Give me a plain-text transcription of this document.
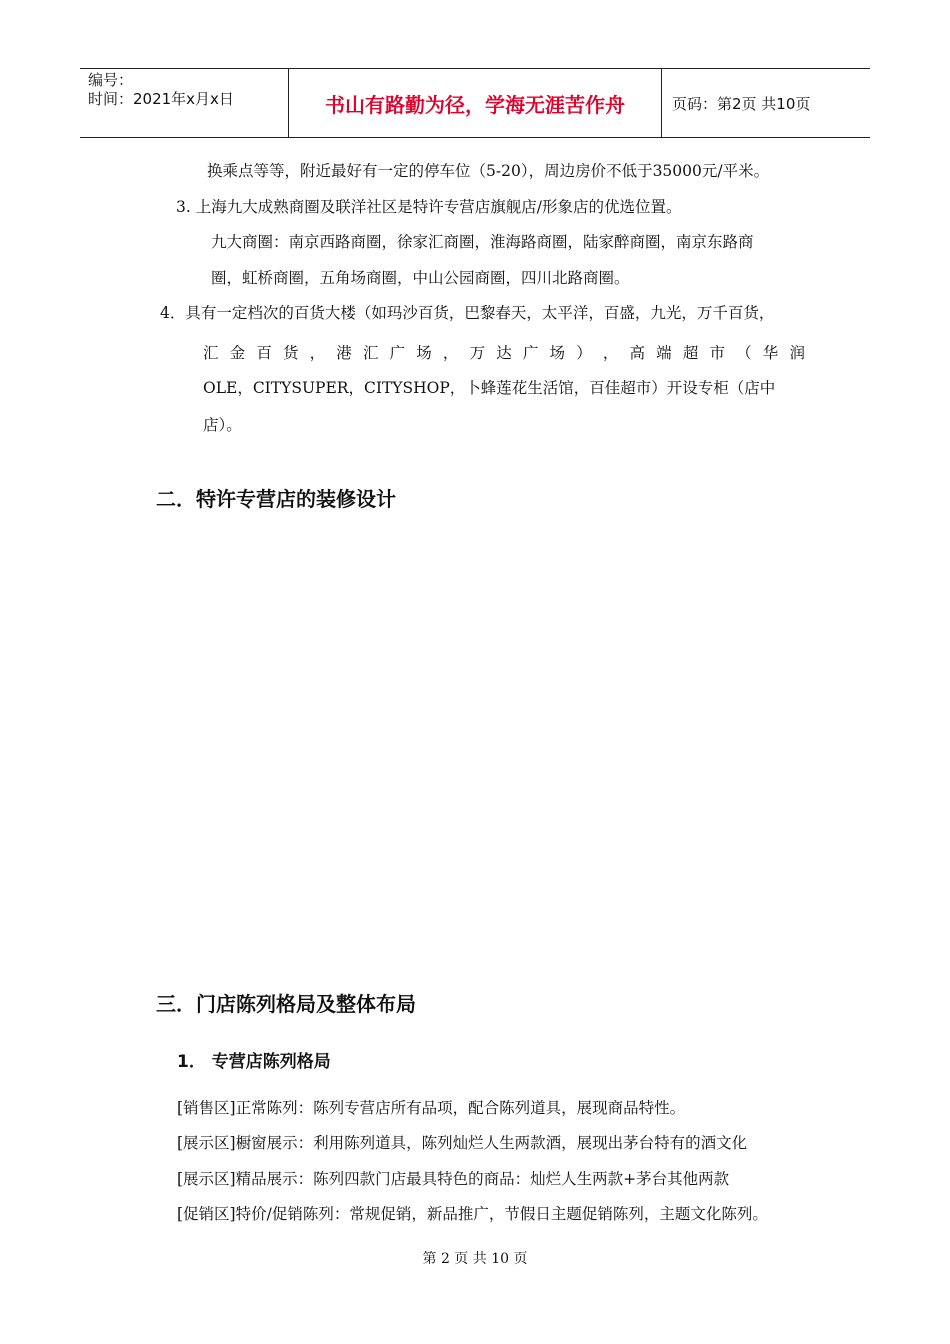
编号：
时间：2021年x月x日	书山有路勤为径，学海无涯苦作舟	页码：第2页 共10页
换乘点等等，附近最好有一定的停车位（5-20），周边房价不低于35000元/平米。
3. 上海九大成熟商圈及联洋社区是特许专营店旗舰店/形象店的优选位置。
九大商圈：南京西路商圈，徐家汇商圈，淮海路商圈，陆家醉商圈，南京东路商
圈，虹桥商圈，五角场商圈，中山公园商圈，四川北路商圈。
4．具有一定档次的百货大楼（如玛沙百货，巴黎春天，太平洋，百盛，九光，万千百货，
汇 金 百 货 ， 港 汇 广 场 ， 万 达 广 场 ） ， 高 端 超 市 （ 华 润
OLE，CITYSUPER，CITYSHOP，卜蜂莲花生活馆，百佳超市）开设专柜（店中
店）。
二．特许专营店的装修设计
三．门店陈列格局及整体布局
1． 专营店陈列格局
[销售区]正常陈列：陈列专营店所有品项，配合陈列道具，展现商品特性。
[展示区]橱窗展示：利用陈列道具，陈列灿烂人生两款酒，展现出茅台特有的酒文化
[展示区]精品展示：陈列四款门店最具特色的商品：灿烂人生两款+茅台其他两款
[促销区]特价/促销陈列：常规促销，新品推广，节假日主题促销陈列，主题文化陈列。
第 2 页 共 10 页
